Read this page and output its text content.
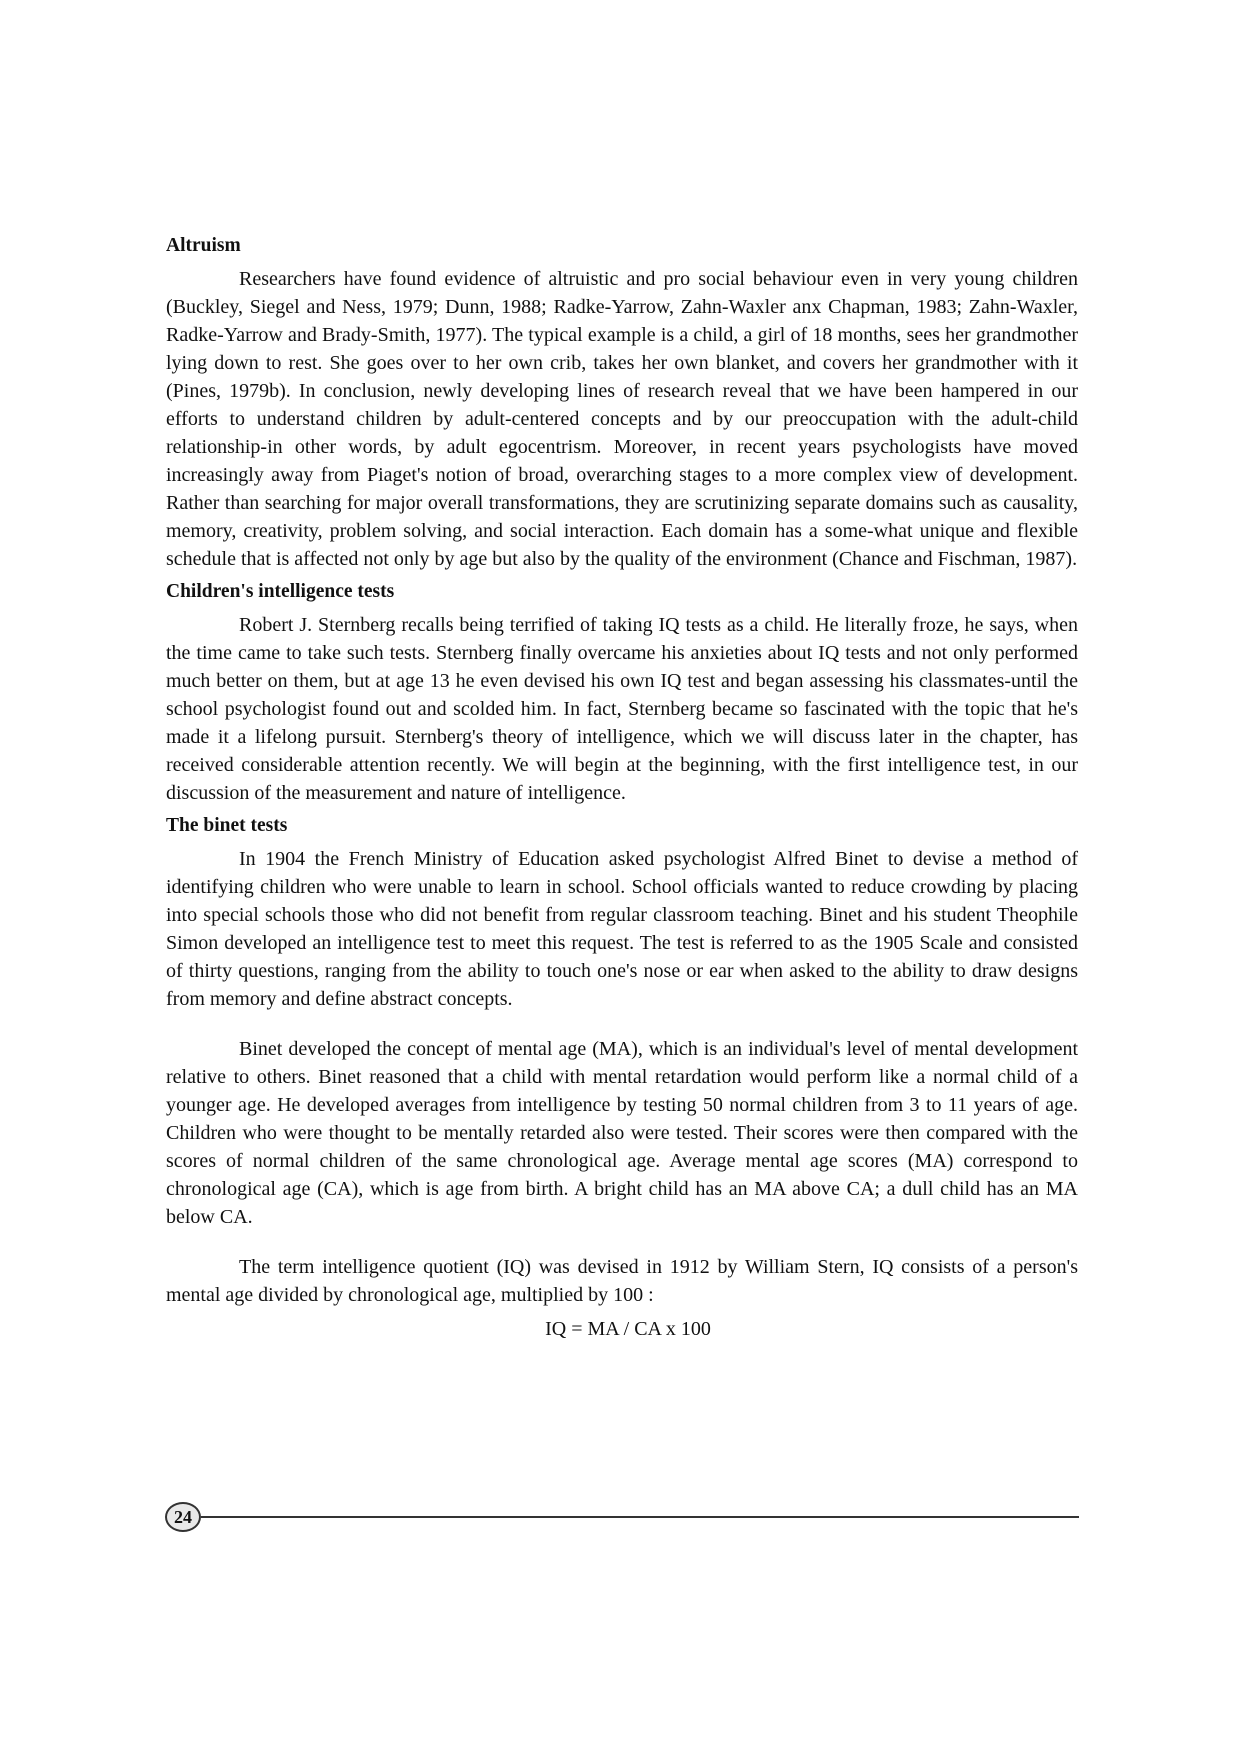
Altruism

Researchers have found evidence of altruistic and pro social behaviour even in very young children (Buckley, Siegel and Ness, 1979; Dunn, 1988; Radke-Yarrow, Zahn-Waxler anx Chapman, 1983; Zahn-Waxler, Radke-Yarrow and Brady-Smith, 1977). The typical example is a child, a girl of 18 months, sees her grandmother lying down to rest. She goes over to her own crib, takes her own blanket, and covers her grandmother with it (Pines, 1979b). In conclusion, newly developing lines of research reveal that we have been hampered in our efforts to understand children by adult-centered concepts and by our preoccupation with the adult-child relationship-in other words, by adult egocentrism. Moreover, in recent years psychologists have moved increasingly away from Piaget's notion of broad, overarching stages to a more complex view of development. Rather than searching for major overall transformations, they are scrutinizing separate domains such as causality, memory, creativity, problem solving, and social interaction. Each domain has a some-what unique and flexible schedule that is affected not only by age but also by the quality of the environment (Chance and Fischman, 1987).

Children's intelligence tests

Robert J. Sternberg recalls being terrified of taking IQ tests as a child. He literally froze, he says, when the time came to take such tests. Sternberg finally overcame his anxieties about IQ tests and not only performed much better on them, but at age 13 he even devised his own IQ test and began assessing his classmates-until the school psychologist found out and scolded him. In fact, Sternberg became so fascinated with the topic that he's made it a lifelong pursuit. Sternberg's theory of intelligence, which we will discuss later in the chapter, has received considerable attention recently. We will begin at the beginning, with the first intelligence test, in our discussion of the measurement and nature of intelligence.

The binet tests

In 1904 the French Ministry of Education asked psychologist Alfred Binet to devise a method of identifying children who were unable to learn in school. School officials wanted to reduce crowding by placing into special schools those who did not benefit from regular classroom teaching. Binet and his student Theophile Simon developed an intelligence test to meet this request. The test is referred to as the 1905 Scale and consisted of thirty questions, ranging from the ability to touch one's nose or ear when asked to the ability to draw designs from memory and define abstract concepts.

Binet developed the concept of mental age (MA), which is an individual's level of mental development relative to others. Binet reasoned that a child with mental retardation would perform like a normal child of a younger age. He developed averages from intelligence by testing 50 normal children from 3 to 11 years of age. Children who were thought to be mentally retarded also were tested. Their scores were then compared with the scores of normal children of the same chronological age. Average mental age scores (MA) correspond to chronological age (CA), which is age from birth. A bright child has an MA above CA; a dull child has an MA below CA.

The term intelligence quotient (IQ) was devised in 1912 by William Stern, IQ consists of a person's mental age divided by chronological age, multiplied by 100 :

IQ = MA / CA x 100
24
